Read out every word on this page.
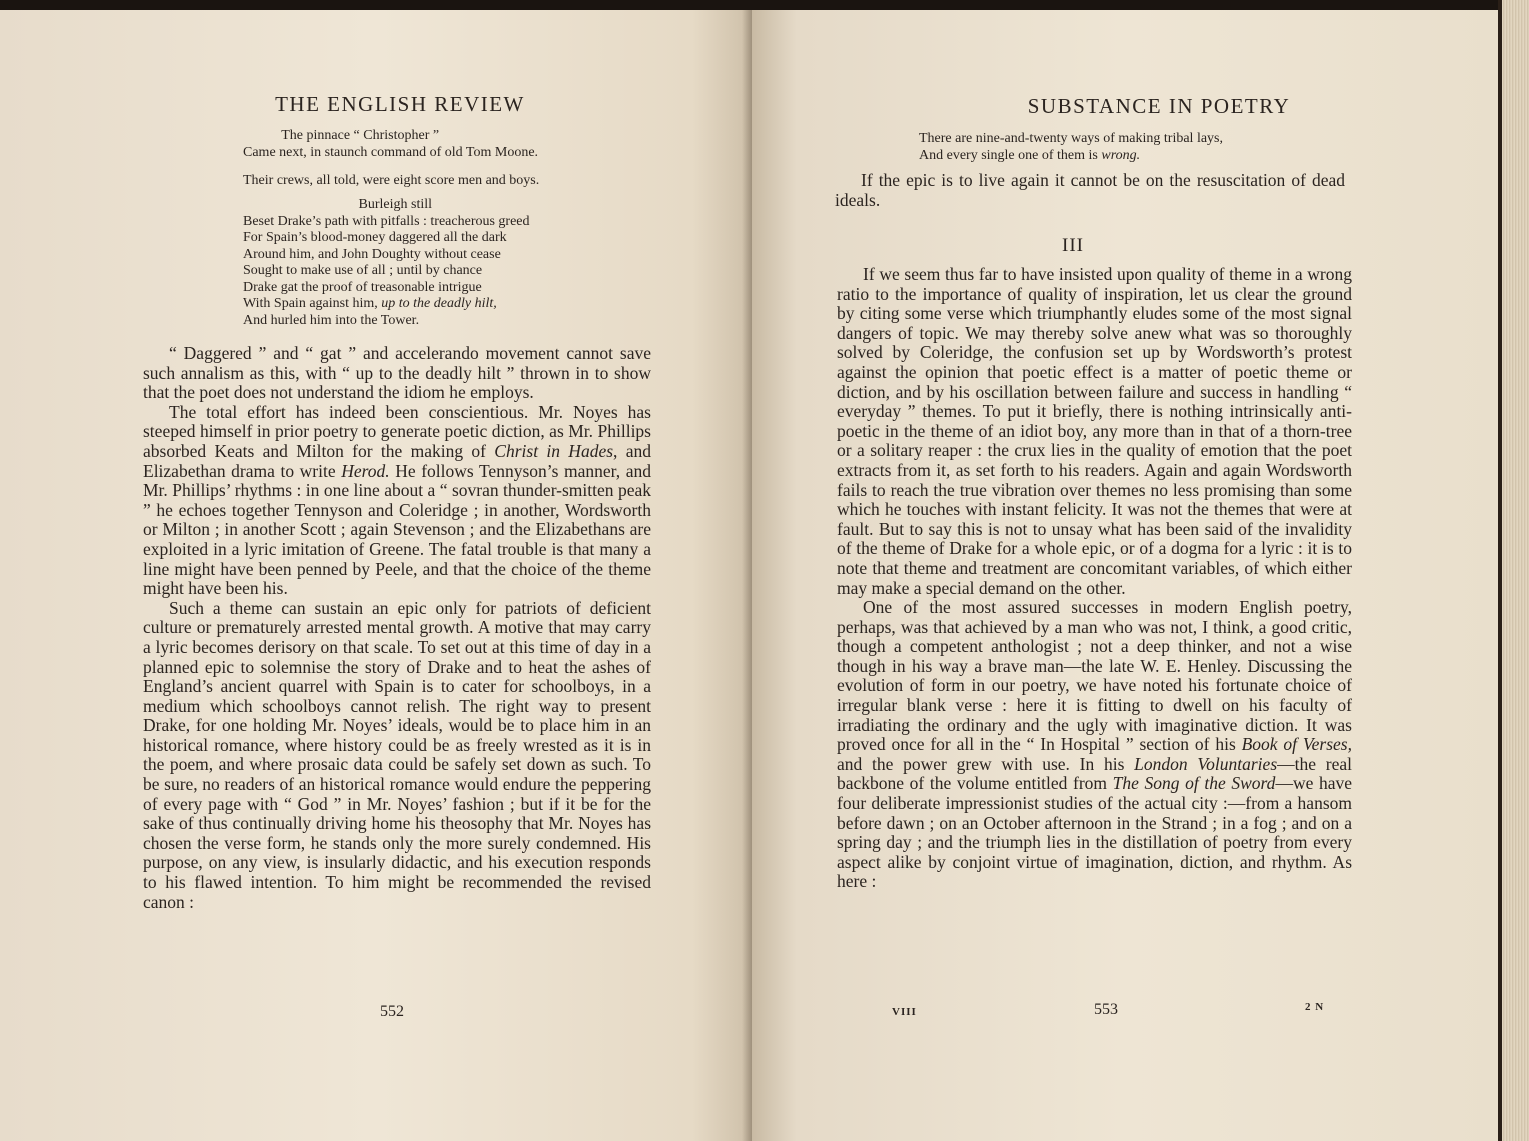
THE ENGLISH REVIEW
The pinnace “ Christopher ”
Came next, in staunch command of old Tom Moone.
Their crews, all told, were eight score men and boys.
Burleigh still
Beset Drake’s path with pitfalls : treacherous greed
For Spain’s blood-money daggered all the dark
Around him, and John Doughty without cease
Sought to make use of all ; until by chance
Drake gat the proof of treasonable intrigue
With Spain against him, up to the deadly hilt,
And hurled him into the Tower.

“ Daggered ” and “ gat ” and accelerando movement cannot save such annalism as this, with “ up to the deadly hilt ” thrown in to show that the poet does not understand the idiom he employs.

The total effort has indeed been conscientious. Mr. Noyes has steeped himself in prior poetry to generate poetic diction, as Mr. Phillips absorbed Keats and Milton for the making of Christ in Hades, and Elizabethan drama to write Herod. He follows Tennyson’s manner, and Mr. Phillips’ rhythms : in one line about a “ sovran thunder-smitten peak ” he echoes together Tennyson and Coleridge ; in another, Wordsworth or Milton ; in another Scott ; again Stevenson ; and the Elizabethans are exploited in a lyric imitation of Greene. The fatal trouble is that many a line might have been penned by Peele, and that the choice of the theme might have been his.

Such a theme can sustain an epic only for patriots of deficient culture or prematurely arrested mental growth. A motive that may carry a lyric becomes derisory on that scale. To set out at this time of day in a planned epic to solemnise the story of Drake and to heat the ashes of England’s ancient quarrel with Spain is to cater for schoolboys, in a medium which schoolboys cannot relish. The right way to present Drake, for one holding Mr. Noyes’ ideals, would be to place him in an historical romance, where history could be as freely wrested as it is in the poem, and where prosaic data could be safely set down as such. To be sure, no readers of an historical romance would endure the peppering of every page with “ God ” in Mr. Noyes’ fashion ; but if it be for the sake of thus continually driving home his theosophy that Mr. Noyes has chosen the verse form, he stands only the more surely condemned. His purpose, on any view, is insularly didactic, and his execution responds to his flawed intention. To him might be recommended the revised canon :

552
SUBSTANCE IN POETRY
There are nine-and-twenty ways of making tribal lays,
And every single one of them is wrong.

If the epic is to live again it cannot be on the resuscitation of dead ideals.

III

If we seem thus far to have insisted upon quality of theme in a wrong ratio to the importance of quality of inspiration, let us clear the ground by citing some verse which triumphantly eludes some of the most signal dangers of topic. We may thereby solve anew what was so thoroughly solved by Coleridge, the confusion set up by Wordsworth’s protest against the opinion that poetic effect is a matter of poetic theme or diction, and by his oscillation between failure and success in handling “ everyday ” themes. To put it briefly, there is nothing intrinsically anti-poetic in the theme of an idiot boy, any more than in that of a thorn-tree or a solitary reaper : the crux lies in the quality of emotion that the poet extracts from it, as set forth to his readers. Again and again Wordsworth fails to reach the true vibration over themes no less promising than some which he touches with instant felicity. It was not the themes that were at fault. But to say this is not to unsay what has been said of the invalidity of the theme of Drake for a whole epic, or of a dogma for a lyric : it is to note that theme and treatment are concomitant variables, of which either may make a special demand on the other.

One of the most assured successes in modern English poetry, perhaps, was that achieved by a man who was not, I think, a good critic, though a competent anthologist ; not a deep thinker, and not a wise though in his way a brave man—the late W. E. Henley. Discussing the evolution of form in our poetry, we have noted his fortunate choice of irregular blank verse : here it is fitting to dwell on his faculty of irradiating the ordinary and the ugly with imaginative diction. It was proved once for all in the “ In Hospital ” section of his Book of Verses, and the power grew with use. In his London Voluntaries—the real backbone of the volume entitled from The Song of the Sword—we have four deliberate impressionist studies of the actual city :—from a hansom before dawn ; on an October afternoon in the Strand ; in a fog ; and on a spring day ; and the triumph lies in the distillation of poetry from every aspect alike by conjoint virtue of imagination, diction, and rhythm. As here :

VIII	553	2 N
